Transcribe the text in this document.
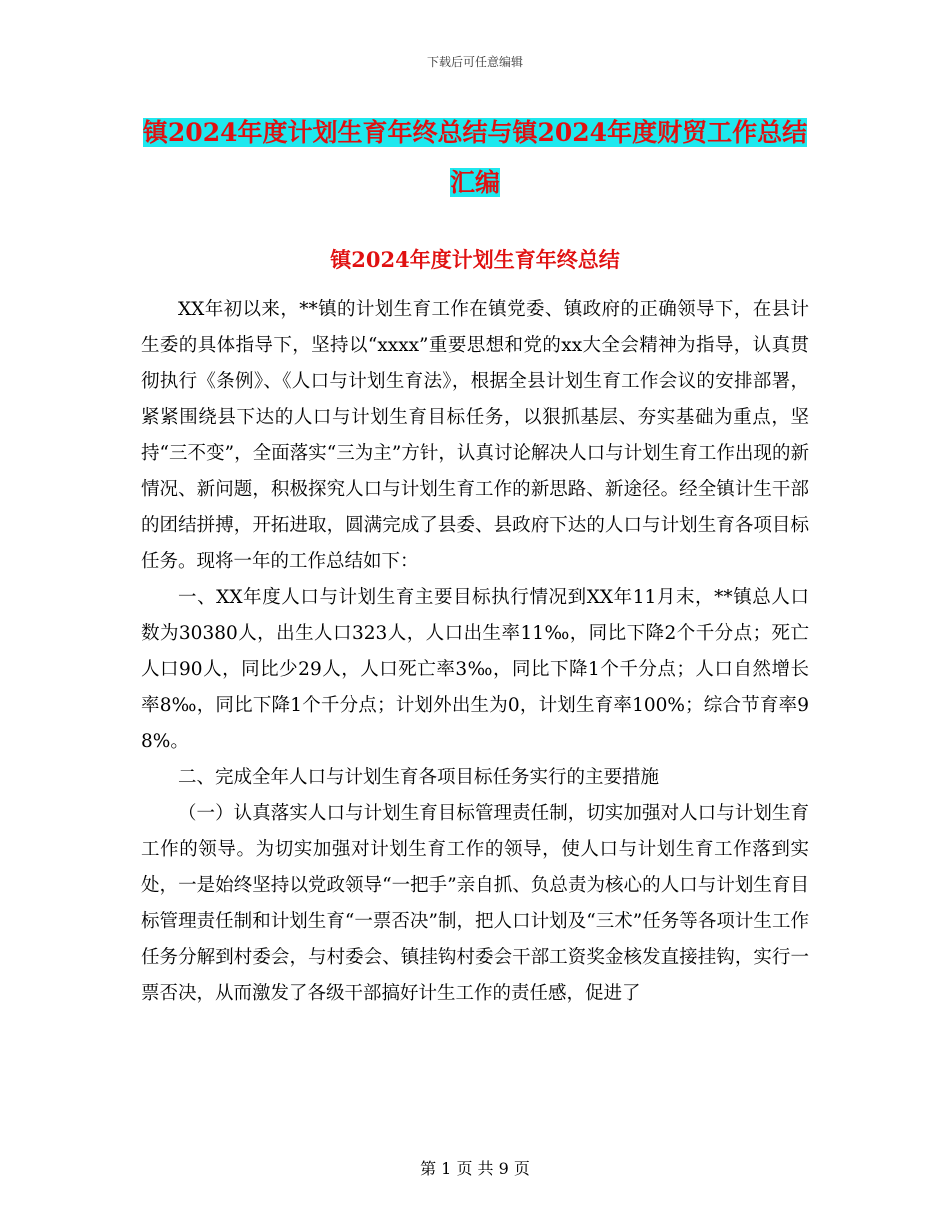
下载后可任意编辑
镇2024年度计划生育年终总结与镇2024年度财贸工作总结汇编
镇2024年度计划生育年终总结

XX年初以来，**镇的计划生育工作在镇党委、镇政府的正确领导下，在县计生委的具体指导下，坚持以“xxxx”重要思想和党的xx大全会精神为指导，认真贯彻执行《条例》、《人口与计划生育法》，根据全县计划生育工作会议的安排部署，紧紧围绕县下达的人口与计划生育目标任务，以狠抓基层、夯实基础为重点，坚持“三不变”，全面落实“三为主”方针，认真讨论解决人口与计划生育工作出现的新情况、新问题，积极探究人口与计划生育工作的新思路、新途径。经全镇计生干部的团结拼搏，开拓进取，圆满完成了县委、县政府下达的人口与计划生育各项目标任务。现将一年的工作总结如下：

一、XX年度人口与计划生育主要目标执行情况到XX年11月末，**镇总人口数为30380人，出生人口323人，人口出生率11‰，同比下降2个千分点；死亡人口90人，同比少29人，人口死亡率3‰，同比下降1个千分点；人口自然增长率8‰，同比下降1个千分点；计划外出生为0，计划生育率100%；综合节育率98%。

二、完成全年人口与计划生育各项目标任务实行的主要措施

（一）认真落实人口与计划生育目标管理责任制，切实加强对人口与计划生育工作的领导。为切实加强对计划生育工作的领导，使人口与计划生育工作落到实处，一是始终坚持以党政领导“一把手”亲自抓、负总责为核心的人口与计划生育目标管理责任制和计划生育“一票否决”制，把人口计划及“三术”任务等各项计生工作任务分解到村委会，与村委会、镇挂钩村委会干部工资奖金核发直接挂钩，实行一票否决，从而激发了各级干部搞好计生工作的责任感，促进了

第 1 页 共 9 页
